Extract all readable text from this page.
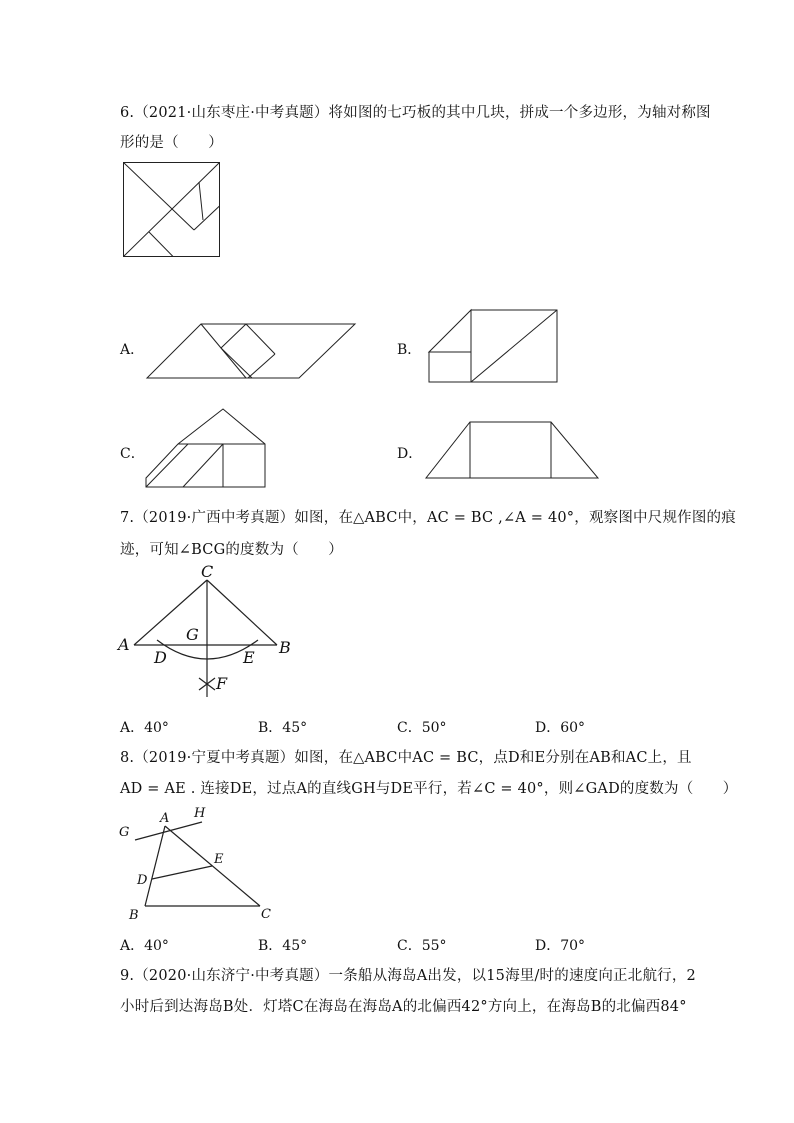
6.（2021·山东枣庄·中考真题）将如图的七巧板的其中几块，拼成一个多边形，为轴对称图
形的是（　　）
A．	B．
C．	D．
7.（2019·广西中考真题）如图，在△ABC中，AC = BC ,∠A = 40°，观察图中尺规作图的痕
迹，可知∠BCG的度数为（　　）
C
A	B
G
D	E
F
A．40°	B．45°	C．50°	D．60°
8.（2019·宁夏中考真题）如图，在△ABC中AC = BC，点D和E分别在AB和AC上，且
AD = AE . 连接DE，过点A的直线GH与DE平行，若∠C = 40°，则∠GAD的度数为（　　）
G
A H
E
D
B	C
A．40°	B．45°	C．55°	D．70°
9.（2020·山东济宁·中考真题）一条船从海岛A出发，以15海里/时的速度向正北航行，2
小时后到达海岛B处．灯塔C在海岛在海岛A的北偏西42°方向上，在海岛B的北偏西84°
